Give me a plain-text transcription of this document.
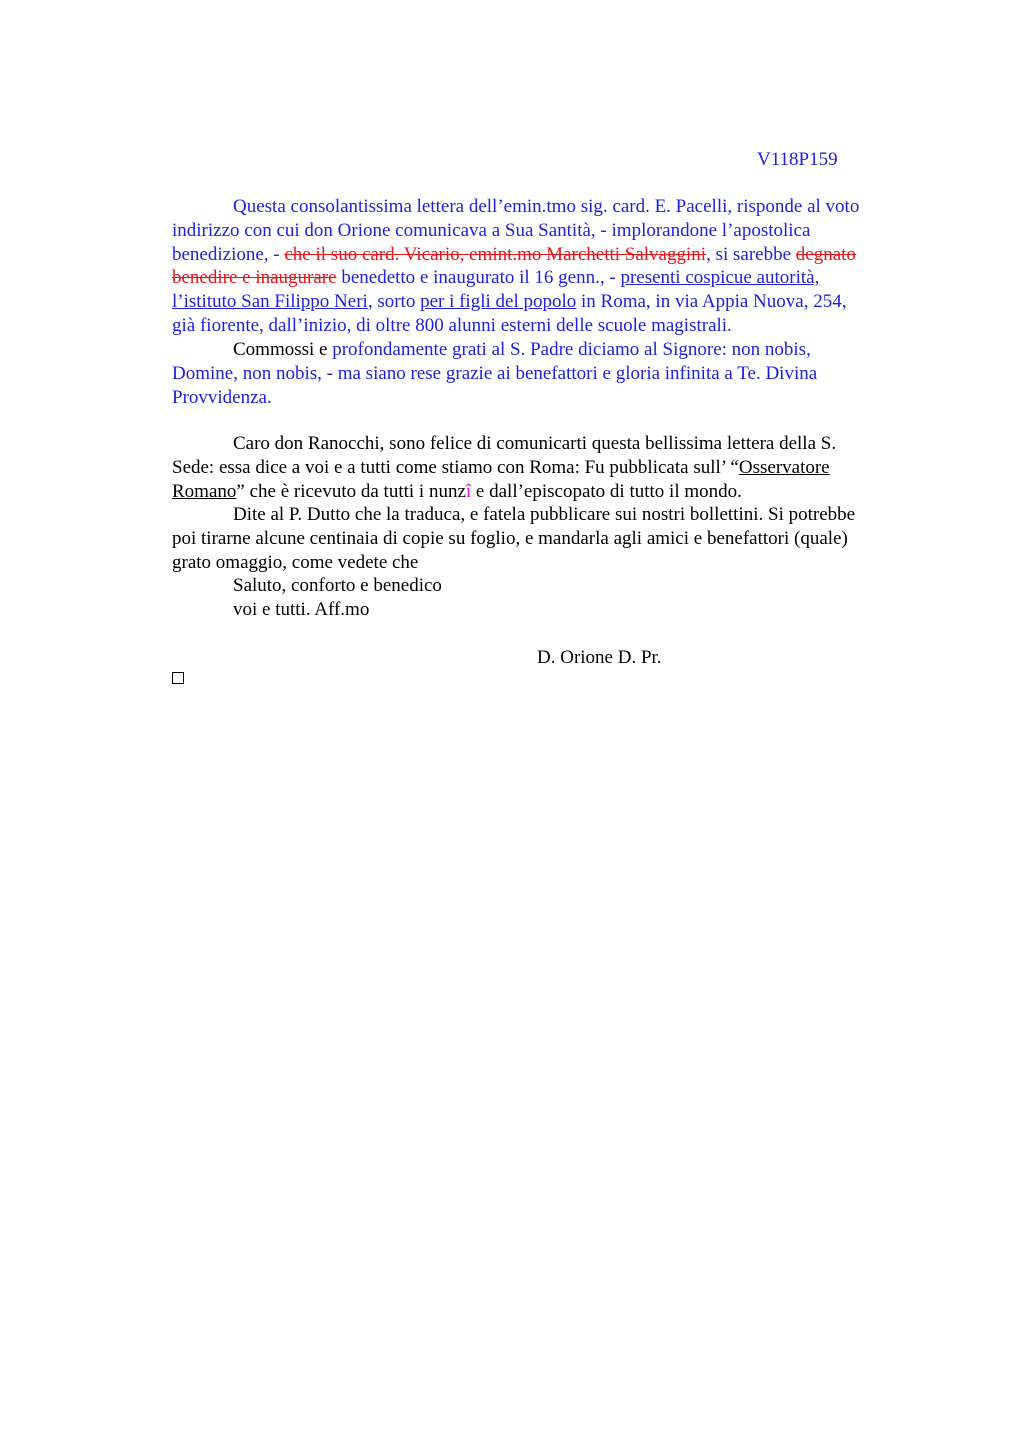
V118P159
Questa consolantissima lettera dell’emin.tmo sig. card. E. Pacelli, risponde al voto
indirizzo con cui don Orione comunicava a Sua Santità, - implorandone l’apostolica
benedizione, - che il suo card. Vicario, emint.mo Marchetti Salvaggini, si sarebbe degnato
benedire e inaugurare benedetto e inaugurato il 16 genn., - presenti cospicue autorità,
l’istituto San Filippo Neri, sorto per i figli del popolo in Roma, in via Appia Nuova, 254,
già fiorente, dall’inizio, di oltre 800 alunni esterni delle scuole magistrali.
Commossi e profondamente grati al S. Padre diciamo al Signore: non nobis,
Domine, non nobis, - ma siano rese grazie ai benefattori e gloria infinita a Te. Divina
Provvidenza.
Caro don Ranocchi, sono felice di comunicarti questa bellissima lettera della S.
Sede: essa dice a voi e a tutti come stiamo con Roma: Fu pubblicata sull’ “Osservatore
Romano” che è ricevuto da tutti i nunzî e dall’episcopato di tutto il mondo.
Dite al P. Dutto che la traduca, e fatela pubblicare sui nostri bollettini. Si potrebbe
poi tirarne alcune centinaia di copie su foglio, e mandarla agli amici e benefattori (quale)
grato omaggio, come vedete che
Saluto, conforto e benedico
voi e tutti. Aff.mo
D. Orione D. Pr.
